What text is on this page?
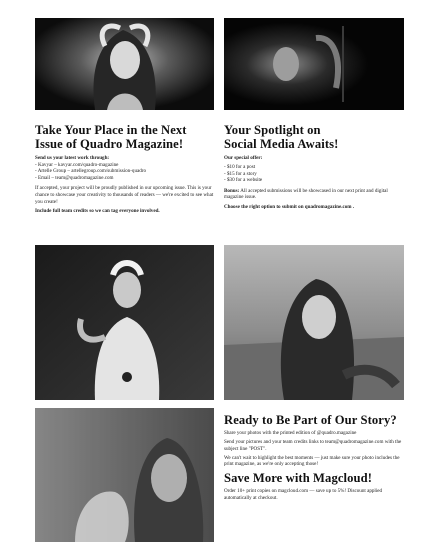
Take Your Place in the Next
Issue of Quadro Magazine!

Send us your latest work through:

- Kavyar – kavyar.com/quadro-magazine

- Artelle Group – artellegroup.com/submission-quadro

- Email – team@quadromagazine.com

If accepted, your project will be proudly published in our upcoming issue. This is your chance to showcase your creativity to thousands of readers — we're excited to see what you create!

Include full team credits so we can tag everyone involved.

Your Spotlight on
Social Media Awaits!

Our special offer:

- $10 for a post

- $15 for a story

- $30 for a website

Bonus: All accepted submissions will be showcased in our next print and digital magazine issue.

Choose the right option to submit on quadromagazine.com .

Ready to Be Part of Our Story?

Share your photos with the printed edition of @quadro.magazine

Send your pictures and your team credits links to team@quadromagazine.com with the subject line "POST".

We can't wait to highlight the best moments — just make sure your photo includes the print magazine, as we're only accepting those!

Save More with Magcloud!

Order 10+ print copies on magcloud.com — save up to 5%! Discount applied automatically at checkout.
